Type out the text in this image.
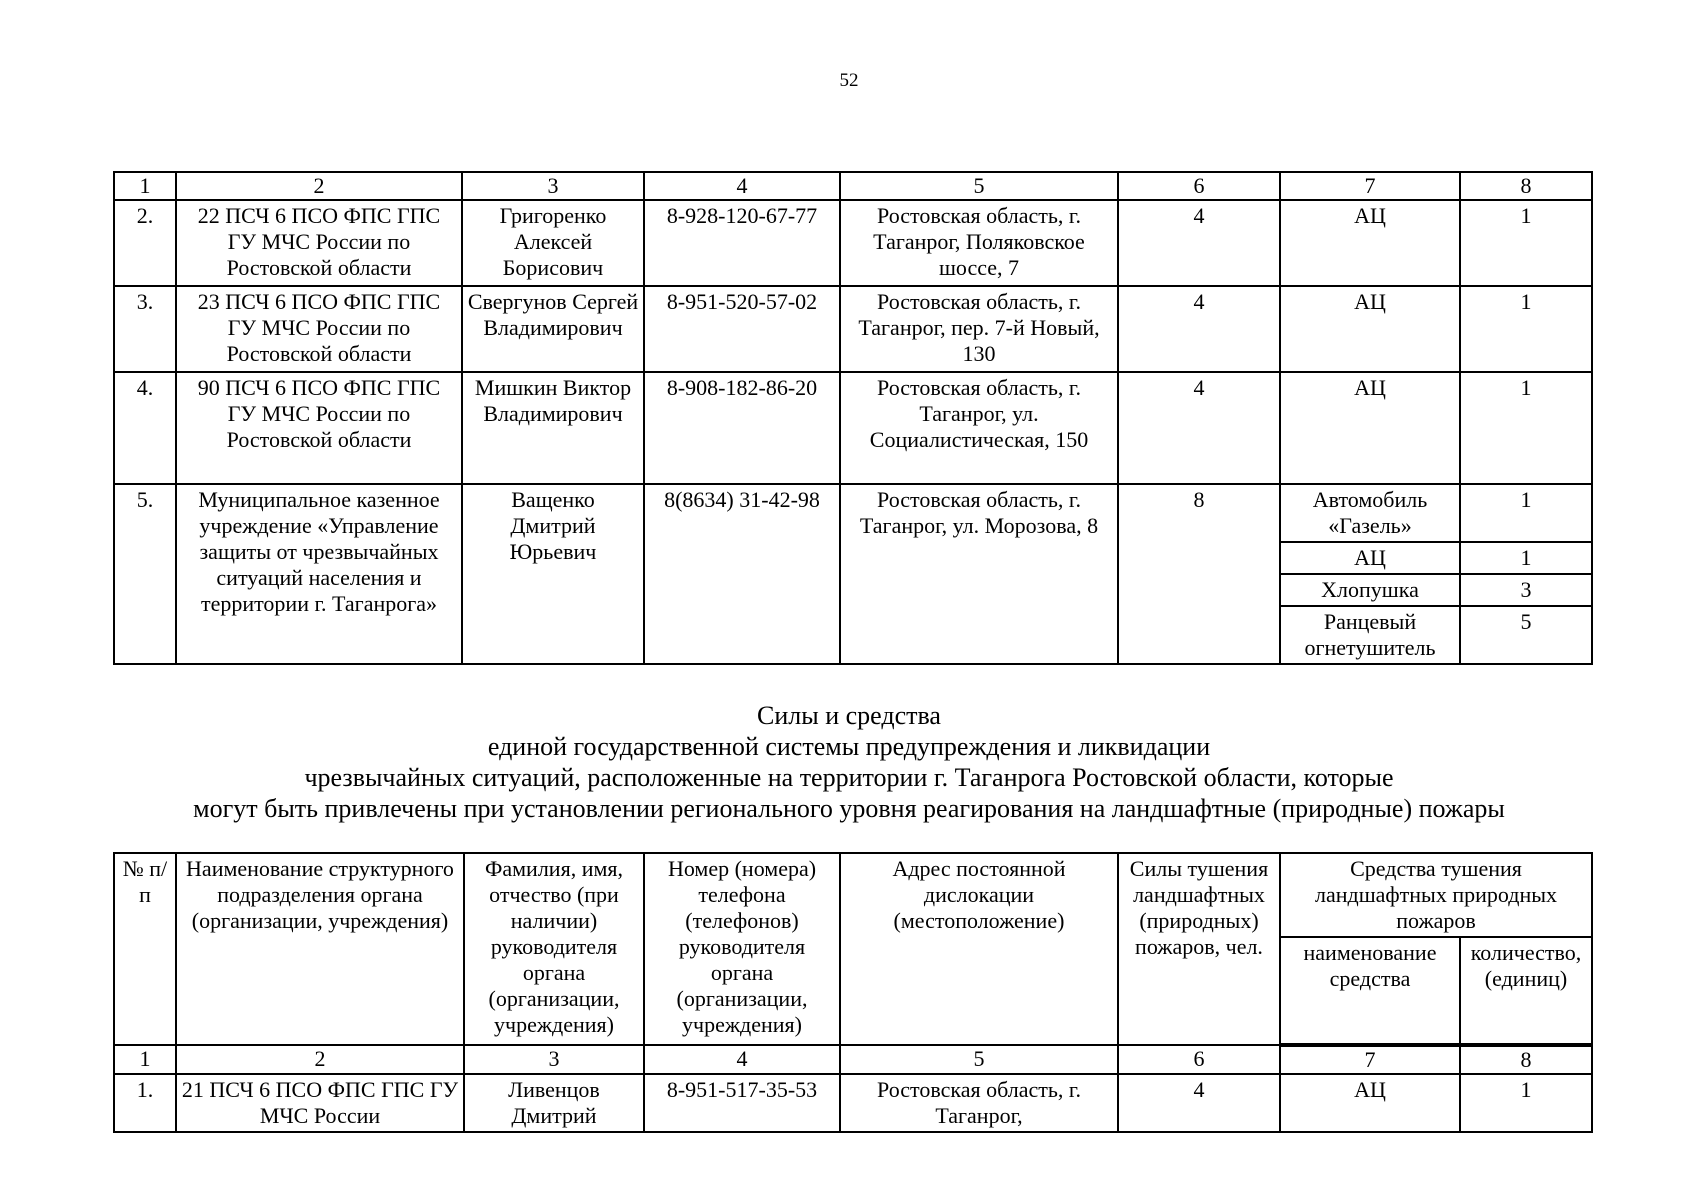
52
1	2	3	4	5	6	7	8
2.	22 ПСЧ 6 ПСО ФПС ГПС ГУ МЧС России по Ростовской области	Григоренко Алексей Борисович	8-928-120-67-77	Ростовская область, г. Таганрог, Поляковское шоссе, 7	4	АЦ	1
3.	23 ПСЧ 6 ПСО ФПС ГПС ГУ МЧС России по Ростовской области	Свергунов Сергей Владимирович	8-951-520-57-02	Ростовская область, г. Таганрог, пер. 7-й Новый, 130	4	АЦ	1
4.	90 ПСЧ 6 ПСО ФПС ГПС ГУ МЧС России по Ростовской области	Мишкин Виктор Владимирович	8-908-182-86-20	Ростовская область, г. Таганрог, ул. Социалистическая, 150	4	АЦ	1
5.	Муниципальное казенное учреждение «Управление защиты от чрезвычайных ситуаций населения и территории г. Таганрога»	Ващенко Дмитрий Юрьевич	8(8634) 31-42-98	Ростовская область, г. Таганрог, ул. Морозова, 8	8	Автомобиль «Газель»	1
						АЦ	1
						Хлопушка	3
						Ранцевый огнетушитель	5
Силы и средства
единой государственной системы предупреждения и ликвидации
чрезвычайных ситуаций, расположенные на территории г. Таганрога Ростовской области, которые
могут быть привлечены при установлении регионального уровня реагирования на ландшафтные (природные) пожары
№ п/п	Наименование структурного подразделения органа (организации, учреждения)	Фамилия, имя, отчество (при наличии) руководителя органа (организации, учреждения)	Номер (номера) телефона (телефонов) руководителя органа (организации, учреждения)	Адрес постоянной дислокации (местоположение)	Силы тушения ландшафтных (природных) пожаров, чел.	Средства тушения ландшафтных природных пожаров	
						наименование средства	количество, (единиц)
1	2	3	4	5	6	7	8
1.	21 ПСЧ 6 ПСО ФПС ГПС ГУ МЧС России	Ливенцов Дмитрий	8-951-517-35-53	Ростовская область, г. Таганрог,	4	АЦ	1
